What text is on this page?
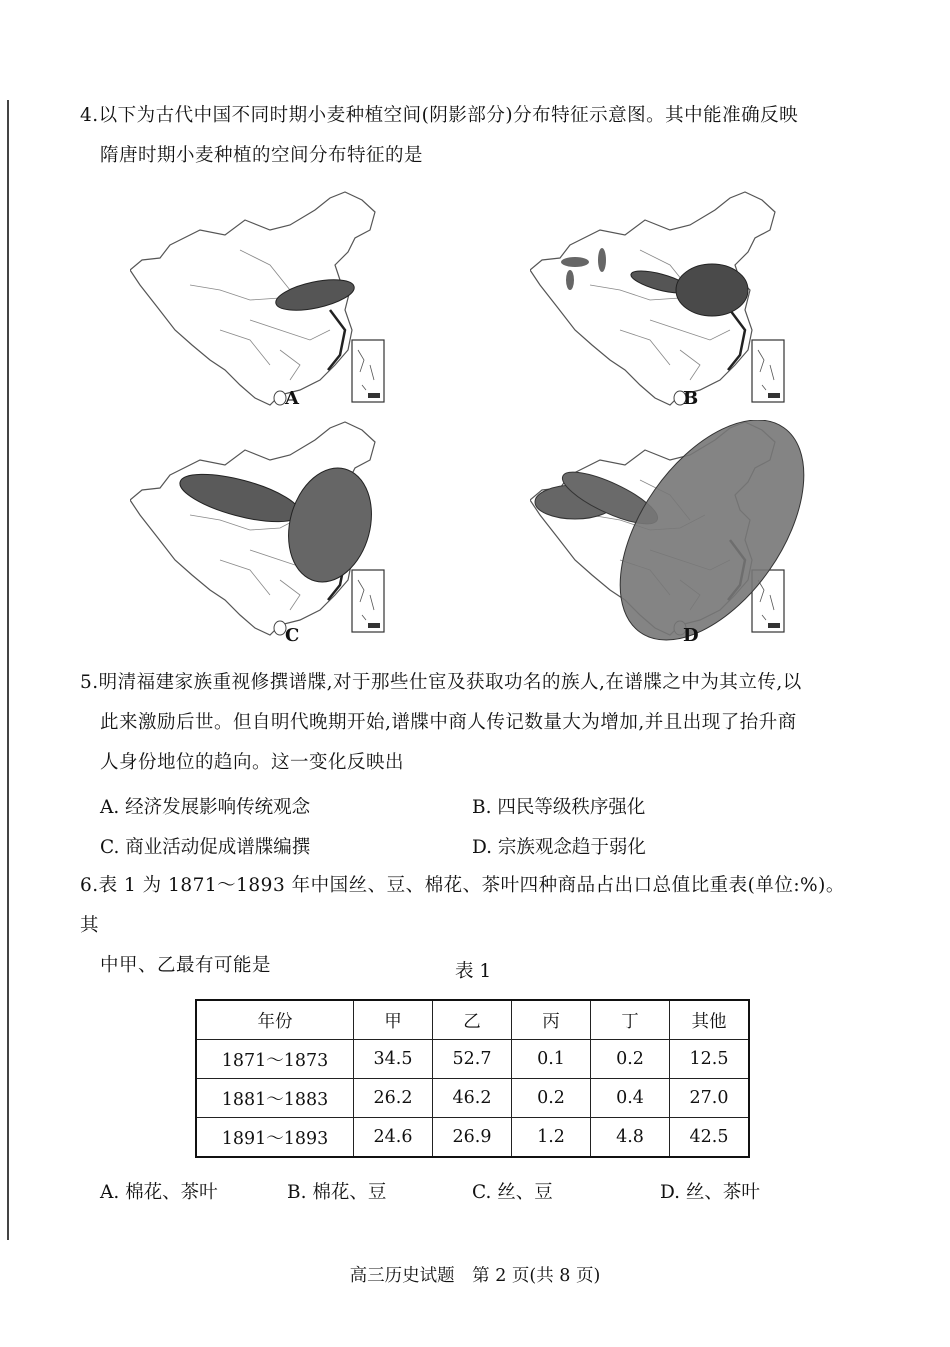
4.以下为古代中国不同时期小麦种植空间(阴影部分)分布特征示意图。其中能准确反映

隋唐时期小麦种植的空间分布特征的是

A	B
C	D

5.明清福建家族重视修撰谱牒,对于那些仕宦及获取功名的族人,在谱牒之中为其立传,以

此来激励后世。但自明代晚期开始,谱牒中商人传记数量大为增加,并且出现了抬升商

人身份地位的趋向。这一变化反映出

A. 经济发展影响传统观念	B. 四民等级秩序强化
C. 商业活动促成谱牒编撰	D. 宗族观念趋于弱化

6.表 1 为 1871～1893 年中国丝、豆、棉花、茶叶四种商品占出口总值比重表(单位:%)。其

中甲、乙最有可能是	表 1
年份	甲	乙	丙	丁	其他
1871～1873	34.5	52.7	0.1	0.2	12.5
1881～1883	26.2	46.2	0.2	0.4	27.0
1891～1893	24.6	26.9	1.2	4.8	42.5
A. 棉花、茶叶	B. 棉花、豆	C. 丝、豆	D. 丝、茶叶
高三历史试题　第 2 页(共 8 页)
